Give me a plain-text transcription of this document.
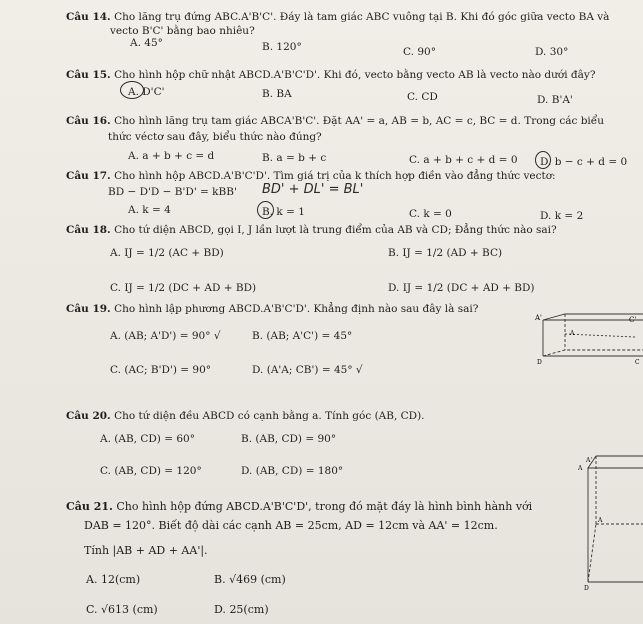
Câu 14. Cho lăng trụ đứng ABC.A'B'C'. Đáy là tam giác ABC vuông tại B. Khi đó góc giữa vecto BA và
vecto B'C' bằng bao nhiêu?
A. 45°	B. 120°	C. 90°	D. 30°
Câu 15. Cho hình hộp chữ nhật ABCD.A'B'C'D'. Khi đó, vecto bằng vecto AB là vecto nào dưới đây?
A. D'C'	B. BA	C. CD	D. B'A'
Câu 16. Cho hình lăng trụ tam giác ABCA'B'C'. Đặt AA' = a, AB = b, AC = c, BC = d. Trong các biểu
thức véctơ sau đây, biểu thức nào đúng?
A. a + b + c = d	B. a = b + c	C. a + b + c + d = 0 D. b − c + d = 0
Câu 17. Cho hình hộp ABCD.A'B'C'D'. Tìm giá trị của k thích hợp điền vào đẳng thức vectơ:
BD − D'D − B'D' = kBB' BD' + DL' = BL'
A. k = 4	B. k = 1	C. k = 0	D. k = 2
Câu 18. Cho tứ diện ABCD, gọi I, J lần lượt là trung điểm của AB và CD; Đẳng thức nào sai?
A. IJ = 1/2 (AC + BD)	B. IJ = 1/2 (AD + BC)
C. IJ = 1/2 (DC + AD + BD)	D. IJ = 1/2 (DC + AD + BD)
Câu 19. Cho hình lập phương ABCD.A'B'C'D'. Khẳng định nào sau đây là sai?
A. (AB; A'D') = 90° √	B. (AB; A'C') = 45°
C. (AC; B'D') = 90°	D. (A'A; CB') = 45° √
A'	C'
A
D	C
Câu 20. Cho tứ diện đều ABCD có cạnh bằng a. Tính góc (AB, CD).
A. (AB, CD) = 60°	B. (AB, CD) = 90°
C. (AB, CD) = 120°	D. (AB, CD) = 180°
Câu 21. Cho hình hộp đứng ABCD.A'B'C'D', trong đó mặt đáy là hình bình hành với
DAB = 120°. Biết độ dài các cạnh AB = 25cm, AD = 12cm và AA' = 12cm.
Tính |AB + AD + AA'|.
A. 12(cm)	B. √469 (cm)
C. √613 (cm)	D. 25(cm)
A'
A
A
D
